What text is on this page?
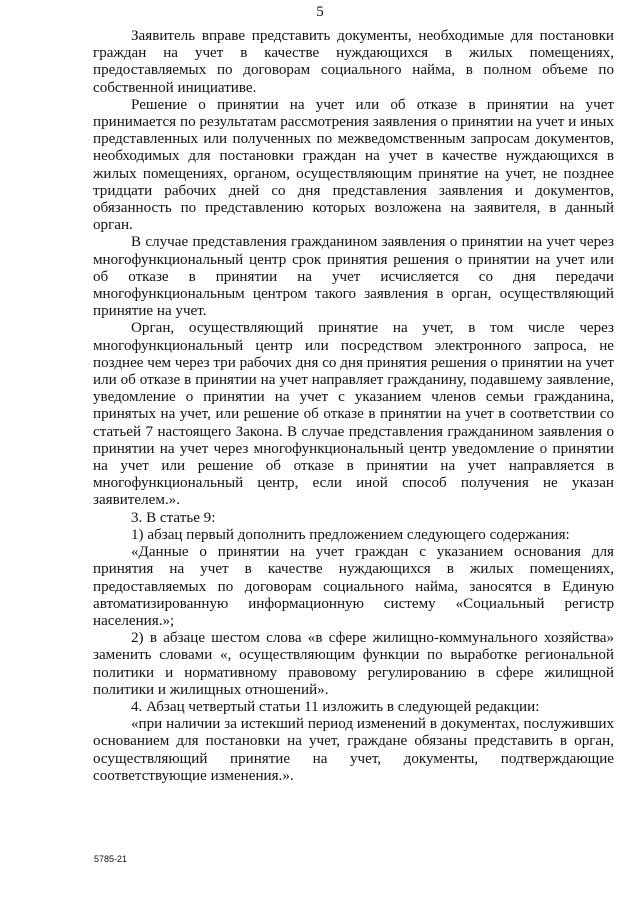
5

Заявитель вправе представить документы, необходимые для постановки граждан на учет в качестве нуждающихся в жилых помещениях, предоставляемых по договорам социального найма, в полном объеме по собственной инициативе.

Решение о принятии на учет или об отказе в принятии на учет принимается по результатам рассмотрения заявления о принятии на учет и иных представленных или полученных по межведомственным запросам документов, необходимых для постановки граждан на учет в качестве нуждающихся в жилых помещениях, органом, осуществляющим принятие на учет, не позднее тридцати рабочих дней со дня представления заявления и документов, обязанность по представлению которых возложена на заявителя, в данный орган.

В случае представления гражданином заявления о принятии на учет через многофункциональный центр срок принятия решения о принятии на учет или об отказе в принятии на учет исчисляется со дня передачи многофункциональным центром такого заявления в орган, осуществляющий принятие на учет.

Орган, осуществляющий принятие на учет, в том числе через многофункциональный центр или посредством электронного запроса, не позднее чем через три рабочих дня со дня принятия решения о принятии на учет или об отказе в принятии на учет направляет гражданину, подавшему заявление, уведомление о принятии на учет с указанием членов семьи гражданина, принятых на учет, или решение об отказе в принятии на учет в соответствии со статьей 7 настоящего Закона. В случае представления гражданином заявления о принятии на учет через многофункциональный центр уведомление о принятии на учет или решение об отказе в принятии на учет направляется в многофункциональный центр, если иной способ получения не указан заявителем.».

3. В статье 9:

1) абзац первый дополнить предложением следующего содержания:

«Данные о принятии на учет граждан с указанием основания для принятия на учет в качестве нуждающихся в жилых помещениях, предоставляемых по договорам социального найма, заносятся в Единую автоматизированную информационную систему «Социальный регистр населения.»;

2) в абзаце шестом слова «в сфере жилищно-коммунального хозяйства» заменить словами «, осуществляющим функции по выработке региональной политики и нормативному правовому регулированию в сфере жилищной политики и жилищных отношений».

4. Абзац четвертый статьи 11 изложить в следующей редакции:

«при наличии за истекший период изменений в документах, послуживших основанием для постановки на учет, граждане обязаны представить в орган, осуществляющий принятие на учет, документы, подтверждающие соответствующие изменения.».

5785-21
